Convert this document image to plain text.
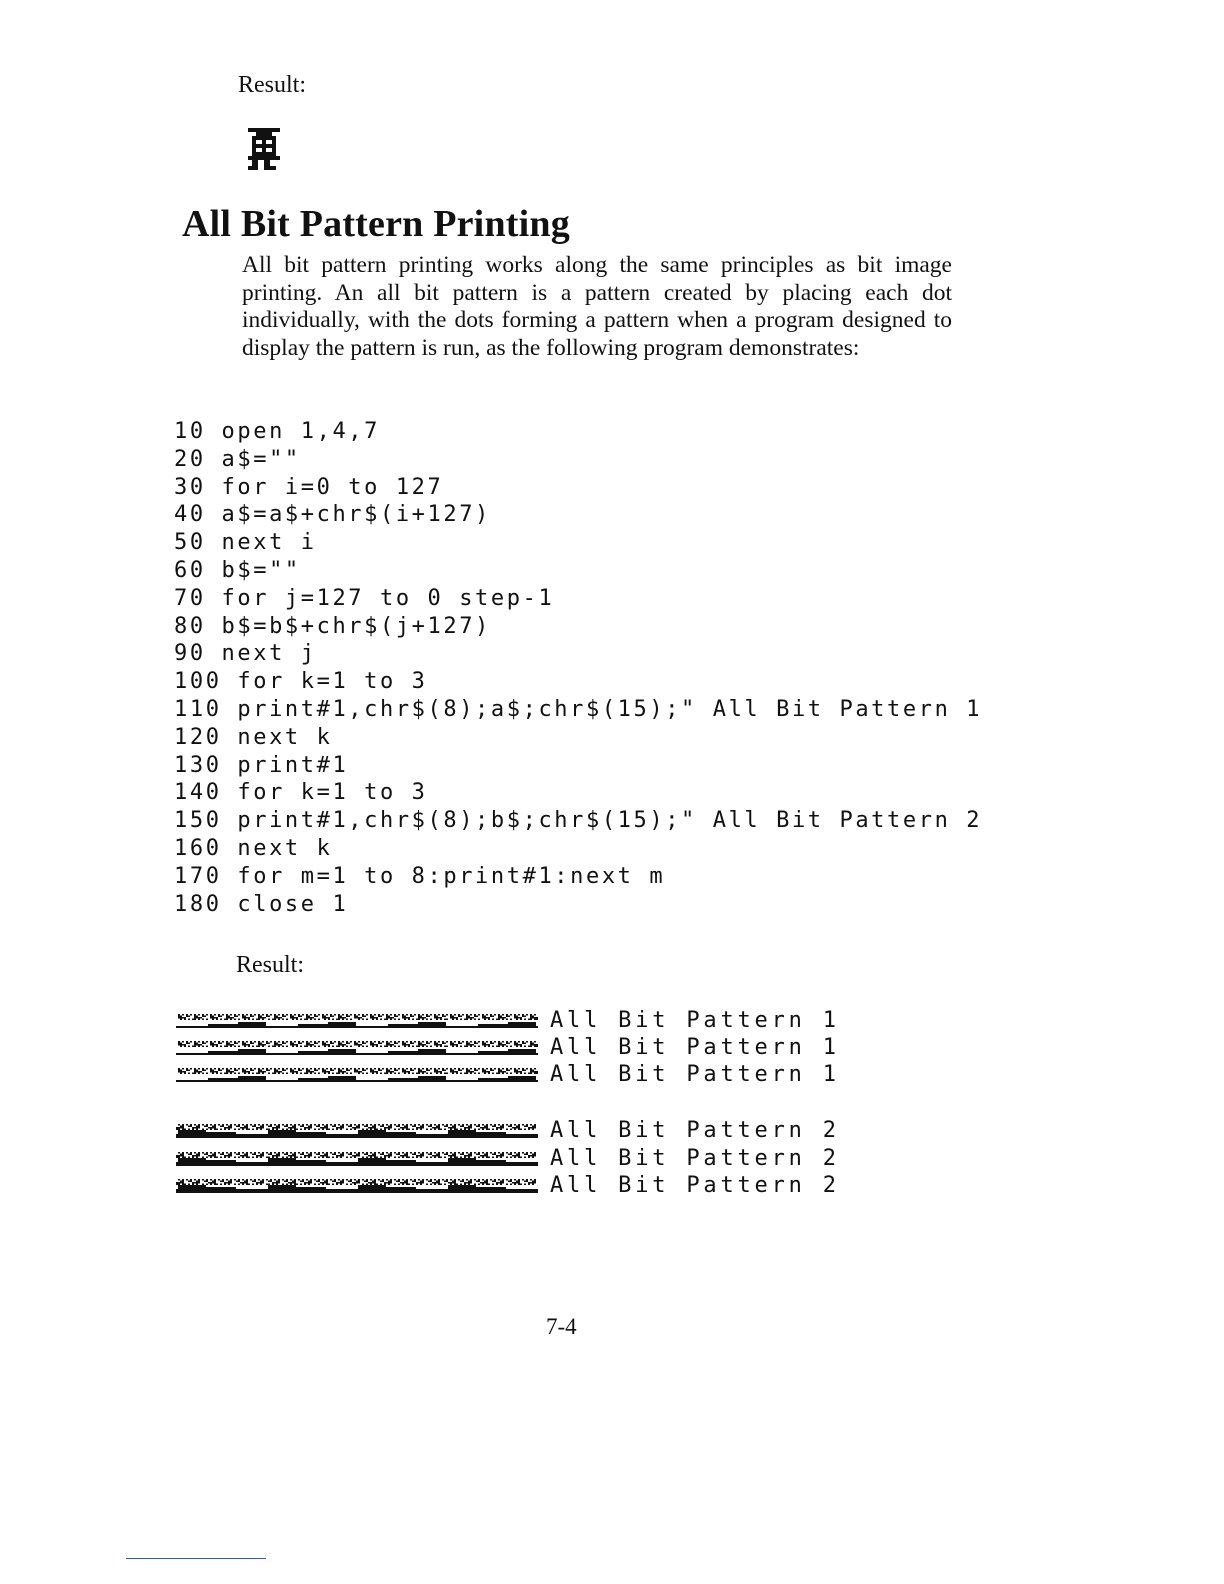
Result:
All Bit Pattern Printing

All bit pattern printing works along the same principles as bit image printing. An all bit pattern is a pattern created by placing each dot individually, with the dots forming a pattern when a program designed to display the pattern is run, as the following program demonstrates:

10 open 1,4,7
20 a$=""
30 for i=0 to 127
40 a$=a$+chr$(i+127)
50 next i
60 b$=""
70 for j=127 to 0 step-1
80 b$=b$+chr$(j+127)
90 next j
100 for k=1 to 3
110 print#1,chr$(8);a$;chr$(15);" All Bit Pattern 1
120 next k
130 print#1
140 for k=1 to 3
150 print#1,chr$(8);b$;chr$(15);" All Bit Pattern 2
160 next k
170 for m=1 to 8:print#1:next m
180 close 1
Result:
All Bit Pattern 1
All Bit Pattern 1
All Bit Pattern 1
All Bit Pattern 2
All Bit Pattern 2
All Bit Pattern 2
7-4
